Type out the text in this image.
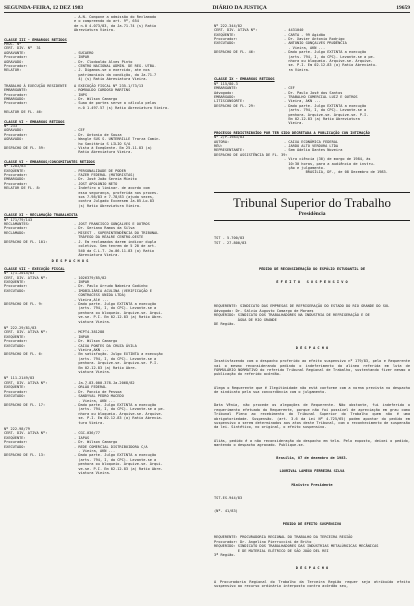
SEGUNDA-FEIRA, 12 DEZ 1983	DIÁRIO DA JUSTIÇA	19659
- A.N. Compone a admissão do Reclamado
e o compreendo do art. 9º, 654
de n.0 4.073/83, da Ja.71.74 (s) Ratio
Abreviatura Vieira.
CLASSE III - EMBARGOS RETIDOS
PROC. Nº
CERT. DIV. Nº  31
AGRAVANTE:	- SUCAERO
Procurador:	- INPAR
AGRAVADO:	- Dr. Clodoaldo Alves Pinto
Procurador:	- CENTRO NACIONAL ADMIN. DE REG. UTBA.
RELATOR:	- J. Digamos-se o exercido, ate nos
patrimoniais da condição, da Ja.71.7
4) (s) Ratio Abreviatura Vieira.
TRABALHO À EXECUÇÃO RESIDENTE	A EXECUÇÃO FISCAL Nº 235-1/73/13
EMBARGANTE:	- ROMUALDO CARDOSO MARTINS
Procurador:	- INPS
EMBARGADO:	- Dr. Wilson Camargo
Procurador:	- Suao de partes serve a cálculo pelas
n.0 1.497.57 (s) Ratio Abreviatura Vieira.
RELATOR DE FL. 46:
CLASSE VI - EMBARGOS RETIDOS
Nº 233
AGRAVADO:	- CEF
Procurador:	- Dr. Antonio de Souza
AGRAVADO:	- Wangle SUS S. UNTERRILLE Trarza Camin-
ho Sanitária S LILIO S/A
DESPACHO DE FL. 59:	- Vista à Exeqüente. Em 25.11.83 (a)
Ratio Abreviatura Vieira.
CLASSE VI - EMBARGOS/CONCOMITANTES RETIDOS
Nº 1283/83
EXEQÜENTE:	- PERSONALIDADE DE PODER
Procurador:	- FAZER FEDERAL (MOTORISTAS)
EMBARGADO:	- Dr. José João Sereia Mieito
Procurador:	- JOST APOLONIO NETO
RELATOR DE FL. 8:	- Indefiro a liminar. de acordo com
essa segurança, proferida nos proces-
sos 7-98/83 e 7-78/83 (ajuda vezes,
contra Julgado Exceesem Ja.05.Lo.83
(s) Ratio Abreviatura Vieira.
CLASSE XI - RECLAMAÇÃO TRABALHISTA
Nº 171/79/143
RECLAMANTES:	- JOST FRANCISCO GONÇALVES E OUTROS
Procurador:	- Dr. Geriano Ramos da Silva
RECLAMADO:	- MISEST - SUPERINTENDÊNCIA DO TRIBUNAL
TRÁFEGO DA RÉALRE CENTRO-OESTE
DESPACHO DE FL. 101:	- J. Em reclamados darem indicar dupla
coletivo. Sem tenrem de 5 20 de art.
540 da C.L.T. Ja.06.11.83 (a) Ratio
Abreviatura Vieira.
D E S P A C H O S
CLASSE VII - EXECUÇÃO FISCAL
Nº 1/1-2014/83
CERT. DIV. ATIVA Nº:	- 1026379/85/82
EXEQÜENTE:	- INPAR
Procurador:	- Dr. Paulo Arrudo Nabeira Godinho
EXECUTADO:	- IMOBILIÁRIA ACULINA (VERIFICAÇÃO E
CONTRACESS UNIDA LTDA)
- Vieira,Alé ...
DESPACHO DE FL. 9:	- Dado parte. Julgo EXTINTA a execução
(arts. 794, I, do CPC). Levante-se a
penhora ou bloqueio. Arquive-se. Arqui-
ve-se. P.I. Em 02.12.83 (a) Ratio Abre-
viatura Vieira.
Nº 222-29/81/83
CERT. DIV. ATIVA Nº:	- MCPT4-381288
EXEQÜENTE:	- INPAR
Procurador:	- Dr. Wilson Camargo
EXECUTADO:	- CAIXA PONTES DA CRUZA ÁVILA
- Vieira,AKN ...
DESPACHO DE FL. 6:	- Em satisfação. Julgo EXTINTA a execução
(arts. 794, I, do CPC). Levante-se a
penhora. Arquive-se. Arquivo-se. P.I.
Em 02.12.83 (a) Ratio Abre-
viatura Vieira.
Nº 111-2149/83
CERT. DIV. ATIVA Nº:	- Ja.7.83.000.378.Ja-2068/82
EXEQÜENTE:	- ORLÃO FEDERAL
Procurador:	- Dr. Poncio de Pessoa
EXECUTADO:	- SANDYVAL PEDRO MACEDO
- Vieira, AKN ...
DESPACHO DE FL. 17:	- Dado parte. Julgo EXTINTA a execução
(arts. 794, I, do CPC). Levante-se a pe-
nhora ou bloqueio. Arquive-se. Arquive-
se. P.I. Em 02.12.83 (a) Ratio Abrevia-
tura Vieira.
Nº 222-98/79
CERT. DIV. ATIVA Nº:	- CGC-036/77
EXEQÜENTE:	- IAPAS
Procurador:	- Dr. Wilson Camargo
EXECUTADO:	- REDE COMERCIAL DISTRIBUIDORA C/A
- Vieira, AKN ...
DESPACHO DE FL. 13:	- Dado parte. Julgo EXTINTA a execução
(arts. 794, I, do CPC). Levante-se a
penhora ou bloqueio. Arquive-se. Arqui-
ve-se. P.I. Em 02.12.83 (a) Ratio Abre-
viatura Vieira.

Nº 222-344/82
CERT. DIV. ATIVA Nº:	- 4431040
EXEQÜENTE:	- CARTA - 99 Agidão
Procurador:	- Dr. Xavier Antonio Rodrigo
EXECUTADO:	- ANTONIO GONÇALVES PRUDÊNCIA
- Vieira, AKN ...
DESPACHO DE FL. 46:	- Dado parte. Julgo EXTINTA a execução
(arts. 794, I, do CPC). Levante-se a pe-
nhora ou bloqueio. Arquive-se. Arquive-
se. P.I. Em 02.12.83 (a) Ratio Abreviatu-
ra Vieira.
CLASSE IX - EMBARGOS RETIDOS
Nº 115/80-3
EMBARGANTE:	- CEF
Advogado:	- Dr. Paulo José dos Santos
EMBARGADO:	- TRABALHO COMERCIAL LUIZ E OUTROS
LITISCONSORTE:	- Vieira, AKN ...
DESPACHO DE FL. 29:	- Dado parte. Julgo EXTINTA a execução
(arts. 794, I, do CPC). Levante-se a
penhora. Arquive-se. Arquive-se. P.I.
Em 02.12.83 (a) Ratio Abreviatura
Vieira.
PROCESSO REDISTRIBUÍDO POR TER SIDO DECRETADA A PUBLICAÇÃO CON INTIMAÇÃO
Nº 2/P-1983/83
AUTORA:	- CAIXA ECONÔMICA FEDERAL
RÉU:	- JARDO ALTO VERDURA LTDA
REPRESENTANTE:	- Sem Adelia Dantes Noveira
DESPACHO DE ASSISTÊNCIA DE FL. 39:
- Vira ciência (30) de margo de 1984, às
10:30 horas, para a audiência de instru-
ção e julgamento.
BRASÍLIA, DF., de 08 Dezembro de 1983.

Tribunal Superior do Trabalho
Presidência

TST - 5.700/83
TST - 27.800/83

PEDIDO DE RECONSIDERAÇÃO DO ESPÓLIO ESTUDANTIL DE

E F E I T O   S U S P E N S I V O

REQUERENTE: SINDICATO DAS EMPRESAS DE REFRIGERAÇÃO DO ESTADO DO RIO GRANDE DO SUL
Advogado: Dr. Sálvio Augusto Camargo de Moraes
REQUERIDO: SINDICATO DOS TRABALHADORES NA INDÚSTRIA DE REFRIGERAÇÃO E DE
ÁGUA DE RIO GRANDE
DE Região.

D E S P A C H O

Insatisfazendo com o despacho proferido ao efeito suspensivo nº 179/83, pelo e Requerente vai o mesmo reconsiderando pedindo o indeferimento da alínea referida em luta de FORMULÁRIO NORMATIVO do referido Tribunal Regional de Trabalho, sustentando fizer mesmo a publicação do referido acórdão.

Alega o Requerente que é Ilegitimidade não está conforme com a norma prevista no despacho de sindicato pela sua concordância com o julgamento.

Data Vênia, não procede os alegações de Requerente. Não obstante, fui indeferido o requerimento efetuado do Requerente, porque não foi possível de apreciação em grau como Tribunal Pleno ao recebimento do Tribunal Superior do Trabalho quem não é uma obrigatoriedade. Suspensão. (art. 3.6 da Lei Nº 4.725/65) podem apontar do pedido em suspensivo a serem determinados aos atos deste Tribunal, com o reconhecimento de suspensão da lei. Sintético, no original, o efeito suspensivo.

Aliás, pedido é a não reconsideração do despacho em tela. Pelo exposto, deixei o pedido, mantendo o despacho agravado. Publique-se.

Brasília, 07 de dezembro de 1983.

LOURIVAL LAMEGO FERREIRA SILVA

Ministro Presidente

TST-ES.944/83

(Nº. 41/83)

PEDIDO DE EFEITO SUSPENSIVO

REQUERENTE: PROCURADORIA REGIONAL DO TRABALHO DA TERCEIRA REGIÃO
Procurador: Dr. Angelino Pierruccini de Brito
REQUERIDO: SINDICATO DOS TRABALHADORES DAS INDÚSTRIAS METALÚRGICAS MECÂNICAS
E DE MATERIAL ELÉTRICO DE SÃO JOÃO DEL REI
3ª Região.

D E S P A C H O

A Procuradoria Regional do Trabalho da Terceira Região requer seja atribuído efeito suspensivo ao recurso ordinário interposto contra acórdão seu,
